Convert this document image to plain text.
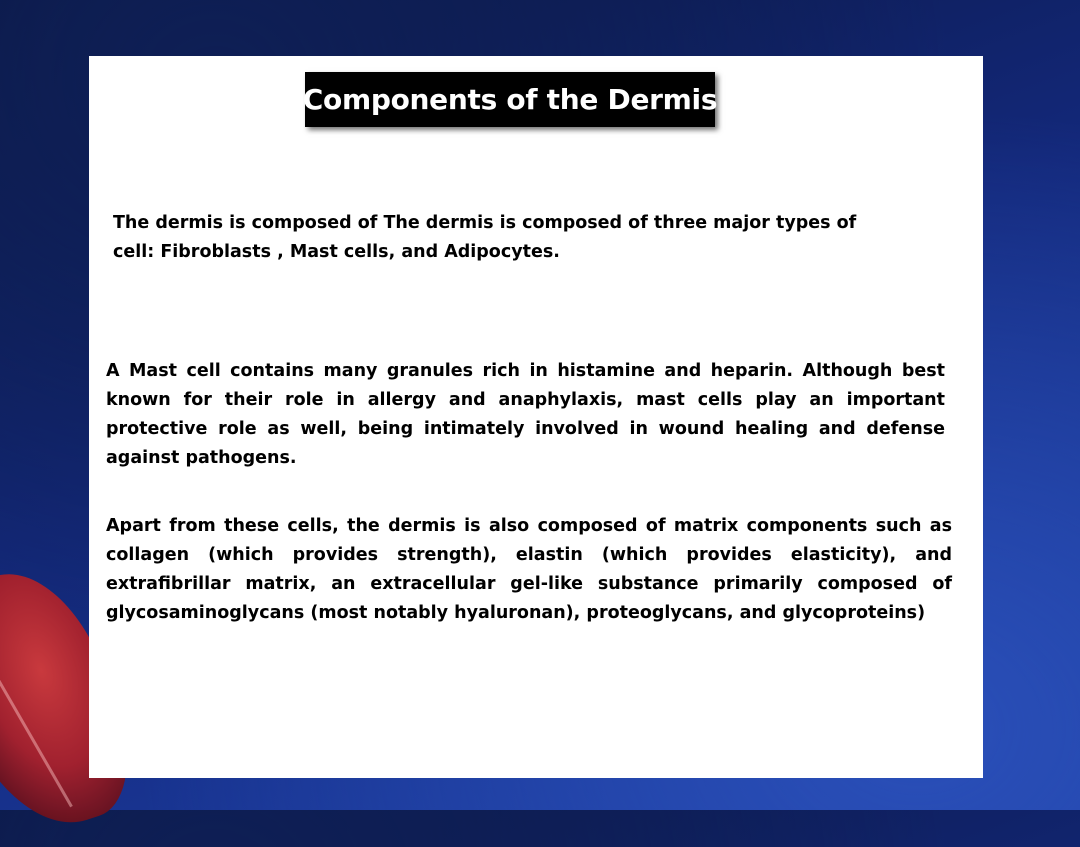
Components of the Dermis

The dermis is composed of The dermis is composed of three major types of cell: Fibroblasts , Mast cells, and Adipocytes.

A Mast cell contains many granules rich in histamine and heparin. Although best known for their role in allergy and anaphylaxis, mast cells play an important protective role as well, being intimately involved in wound healing and defense against pathogens.

Apart from these cells, the dermis is also composed of matrix components such as collagen (which provides strength), elastin (which provides elasticity), and extrafibrillar matrix, an extracellular gel-like substance primarily composed of glycosaminoglycans (most notably hyaluronan), proteoglycans, and glycoproteins)
